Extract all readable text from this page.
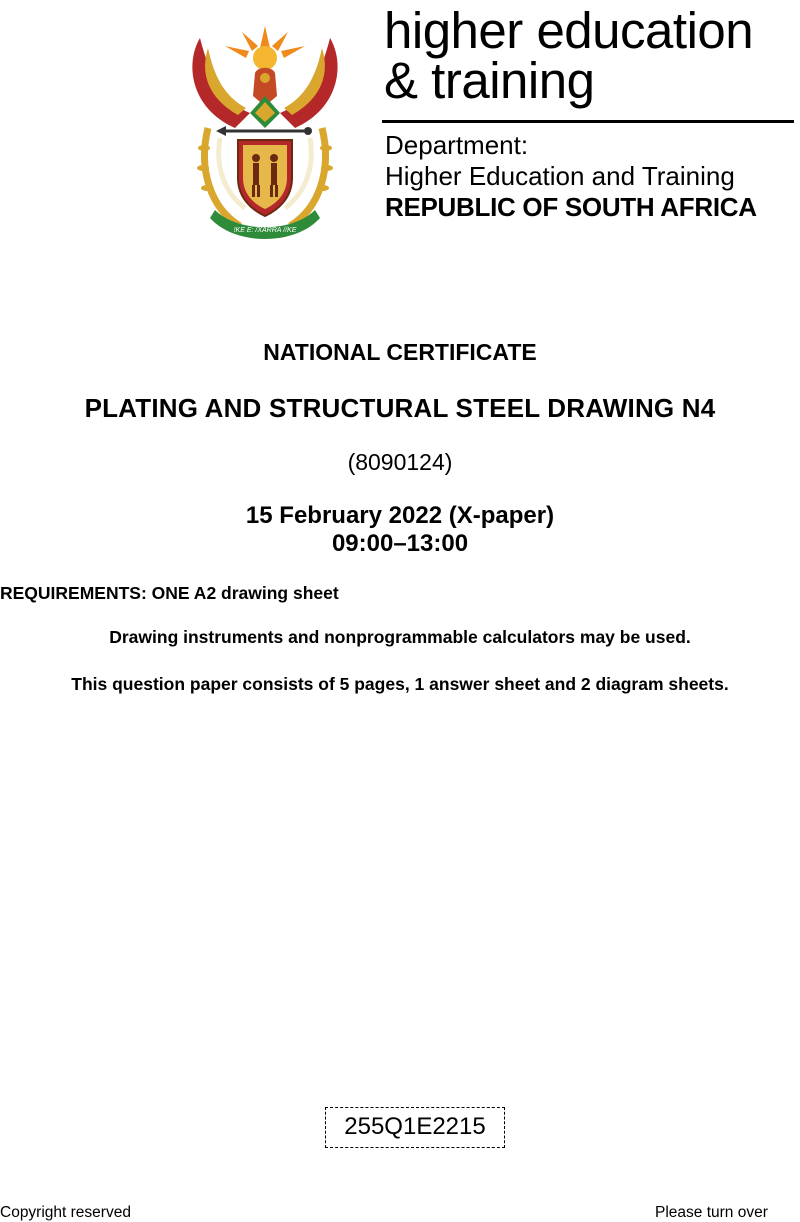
!KE E: /XARRA //KE
higher education
& training
Department:
Higher Education and Training
REPUBLIC OF SOUTH AFRICA
NATIONAL CERTIFICATE
PLATING AND STRUCTURAL STEEL DRAWING N4
(8090124)
15 February 2022 (X-paper)
09:00–13:00
REQUIREMENTS: ONE A2 drawing sheet
Drawing instruments and nonprogrammable calculators may be used.
This question paper consists of 5 pages, 1 answer sheet and 2 diagram sheets.
255Q1E2215
Copyright reserved	Please turn over
